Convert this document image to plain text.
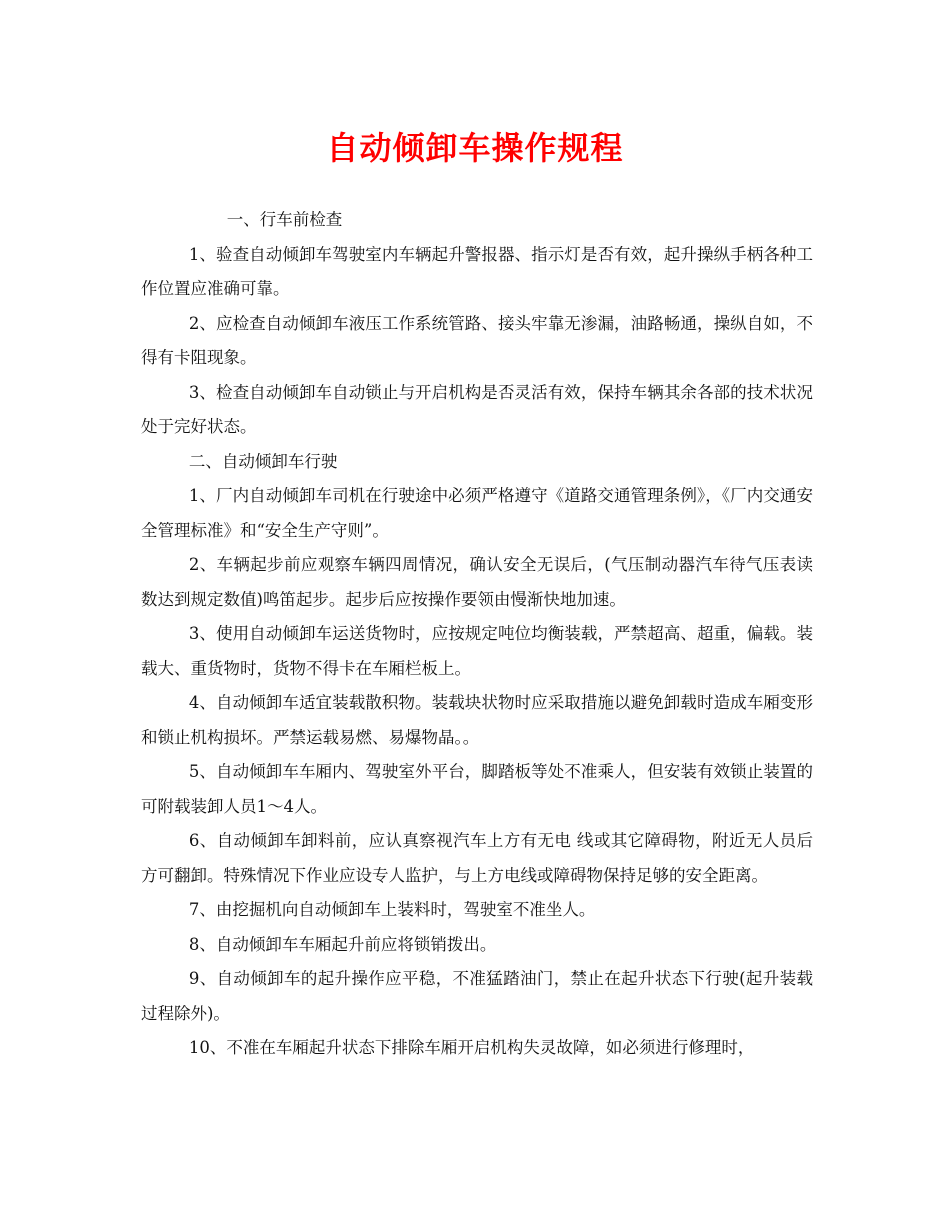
自动倾卸车操作规程

一、行车前检查

1、验查自动倾卸车驾驶室内车辆起升警报器、指示灯是否有效，起升操纵手柄各种工作位置应准确可靠。

2、应检查自动倾卸车液压工作系统管路、接头牢靠无渗漏，油路畅通，操纵自如，不得有卡阻现象。

3、检查自动倾卸车自动锁止与开启机构是否灵活有效，保持车辆其余各部的技术状况处于完好状态。

二、自动倾卸车行驶

1、厂内自动倾卸车司机在行驶途中必须严格遵守《道路交通管理条例》，《厂内交通安全管理标准》和“安全生产守则”。

2、车辆起步前应观察车辆四周情况，确认安全无误后，(气压制动器汽车待气压表读数达到规定数值)鸣笛起步。起步后应按操作要领由慢渐快地加速。

3、使用自动倾卸车运送货物时，应按规定吨位均衡装载，严禁超高、超重，偏载。装载大、重货物时，货物不得卡在车厢栏板上。

4、自动倾卸车适宜装载散积物。装载块状物时应采取措施以避免卸载时造成车厢变形和锁止机构损坏。严禁运载易燃、易爆物晶。。

5、自动倾卸车车厢内、驾驶室外平台，脚踏板等处不准乘人，但安装有效锁止装置的可附载装卸人员1～4人。

6、自动倾卸车卸料前，应认真察视汽车上方有无电 线或其它障碍物，附近无人员后方可翻卸。特殊情况下作业应设专人监护，与上方电线或障碍物保持足够的安全距离。

7、由挖掘机向自动倾卸车上装料时，驾驶室不准坐人。

8、自动倾卸车车厢起升前应将锁销拨出。

9、自动倾卸车的起升操作应平稳，不准猛踏油门，禁止在起升状态下行驶(起升装载过程除外)。

10、不准在车厢起升状态下排除车厢开启机构失灵故障，如必须进行修理时，
